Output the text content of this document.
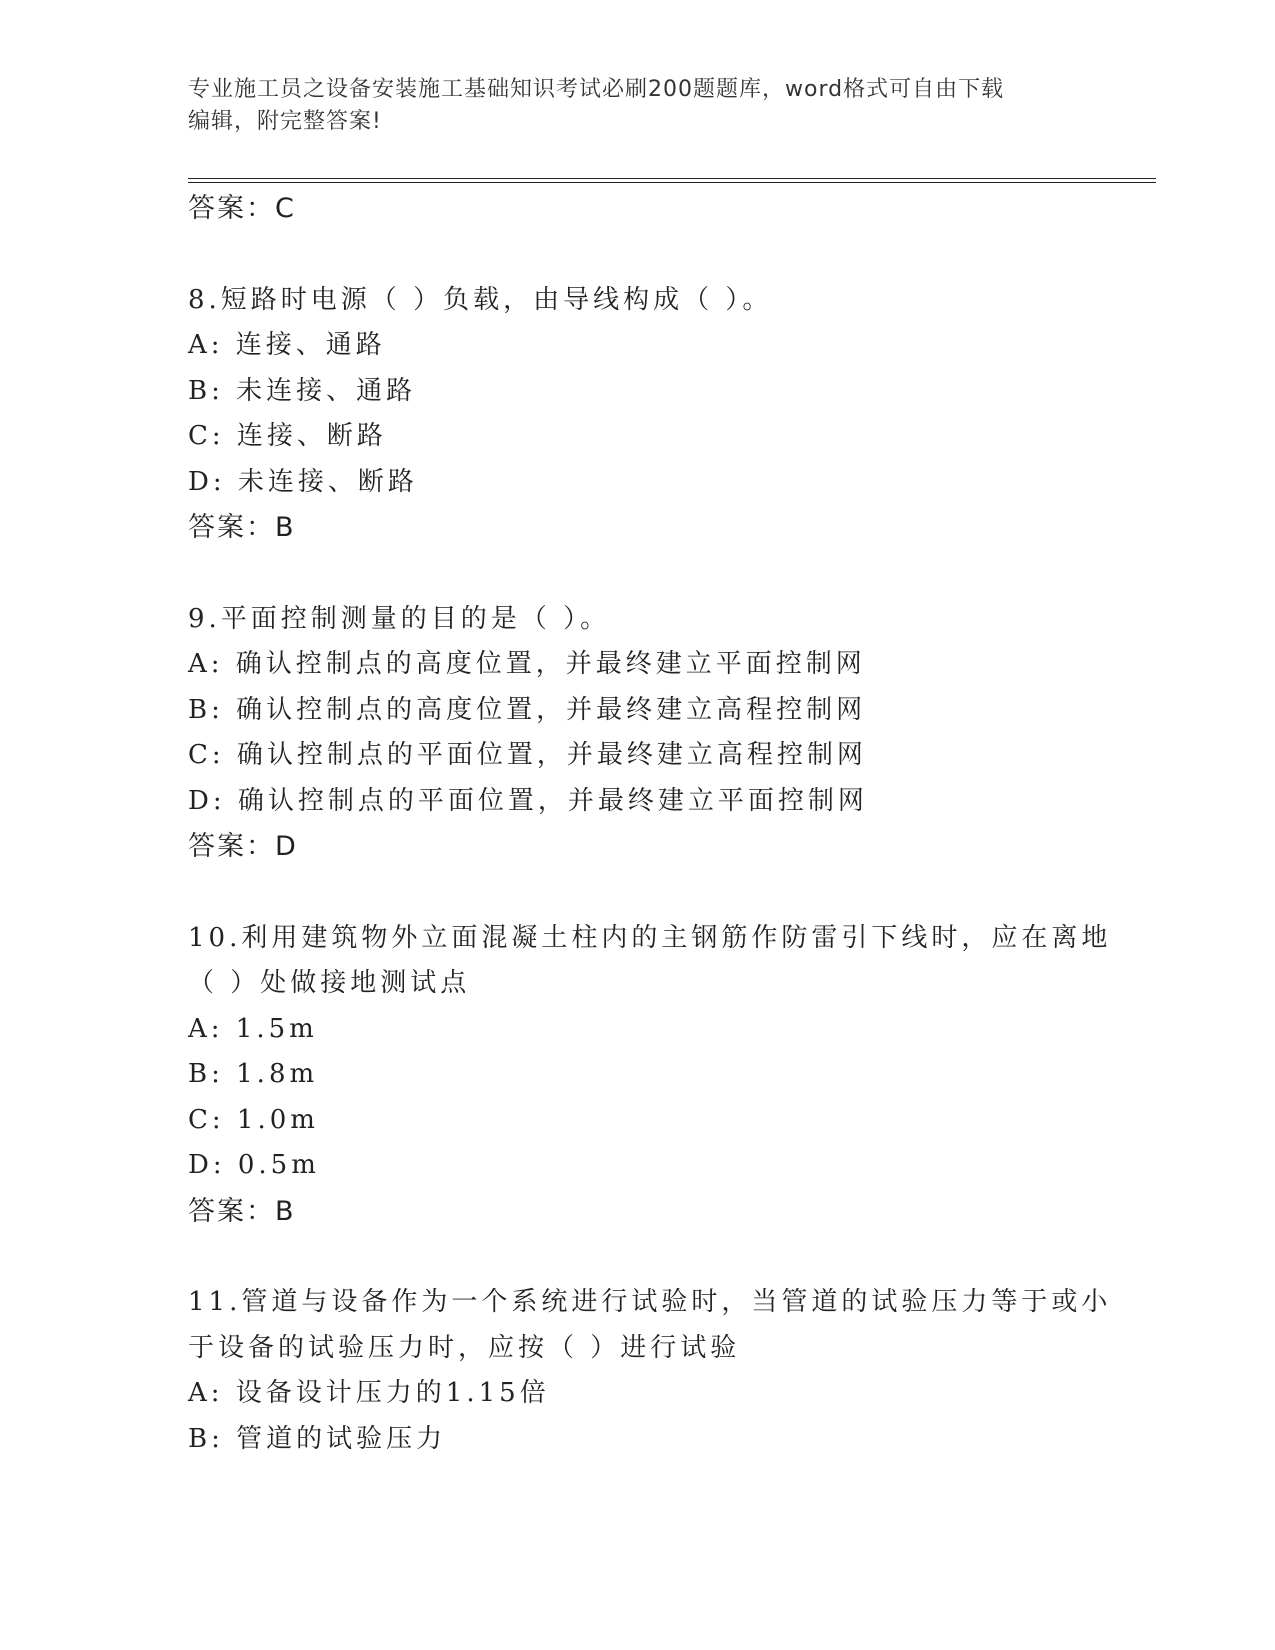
专业施工员之设备安装施工基础知识考试必刷200题题库，word格式可自由下载
编辑，附完整答案!
答案：C
8.短路时电源（ ）负载，由导线构成（ ）。
A: 连接、通路
B: 未连接、通路
C: 连接、断路
D: 未连接、断路
答案：B
9.平面控制测量的目的是（ ）。
A: 确认控制点的高度位置，并最终建立平面控制网
B: 确认控制点的高度位置，并最终建立高程控制网
C: 确认控制点的平面位置，并最终建立高程控制网
D: 确认控制点的平面位置，并最终建立平面控制网
答案：D
10.利用建筑物外立面混凝土柱内的主钢筋作防雷引下线时，应在离地
（ ）处做接地测试点
A: 1.5m
B: 1.8m
C: 1.0m
D: 0.5m
答案：B
11.管道与设备作为一个系统进行试验时，当管道的试验压力等于或小
于设备的试验压力时，应按（ ）进行试验
A: 设备设计压力的1.15倍
B: 管道的试验压力
